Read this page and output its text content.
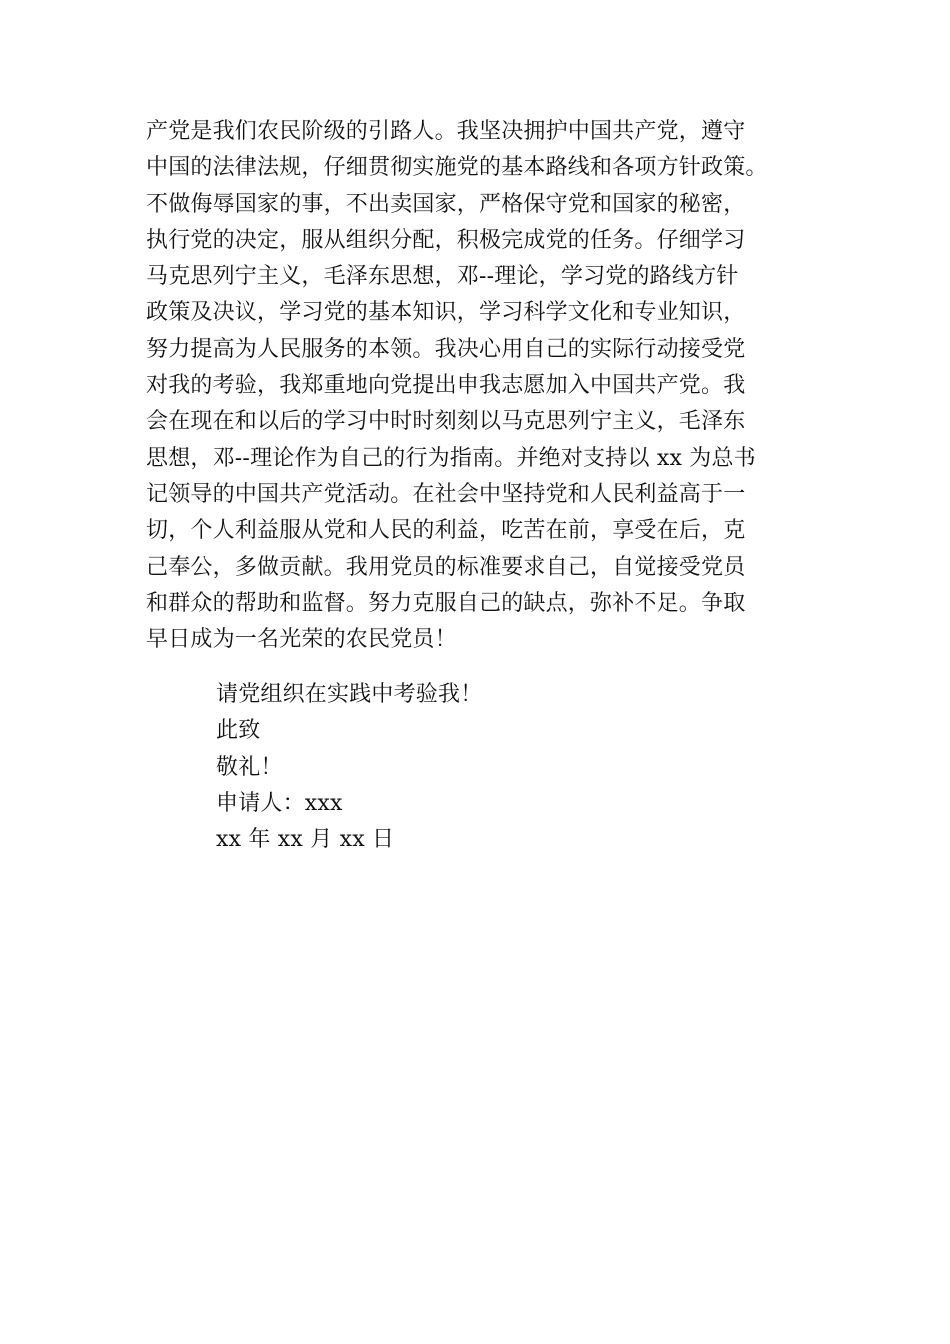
产党是我们农民阶级的引路人。我坚决拥护中国共产党，遵守
中国的法律法规，仔细贯彻实施党的基本路线和各项方针政策。
不做侮辱国家的事，不出卖国家，严格保守党和国家的秘密，
执行党的决定，服从组织分配，积极完成党的任务。仔细学习
马克思列宁主义，毛泽东思想，邓--理论，学习党的路线方针
政策及决议，学习党的基本知识，学习科学文化和专业知识，
努力提高为人民服务的本领。我决心用自己的实际行动接受党
对我的考验，我郑重地向党提出申我志愿加入中国共产党。我
会在现在和以后的学习中时时刻刻以马克思列宁主义，毛泽东
思想，邓--理论作为自己的行为指南。并绝对支持以 xx 为总书
记领导的中国共产党活动。在社会中坚持党和人民利益高于一
切，个人利益服从党和人民的利益，吃苦在前，享受在后，克
己奉公，多做贡献。我用党员的标准要求自己，自觉接受党员
和群众的帮助和监督。努力克服自己的缺点，弥补不足。争取
早日成为一名光荣的农民党员！
请党组织在实践中考验我！
此致
敬礼！
申请人：xxx
xx 年 xx 月 xx 日
